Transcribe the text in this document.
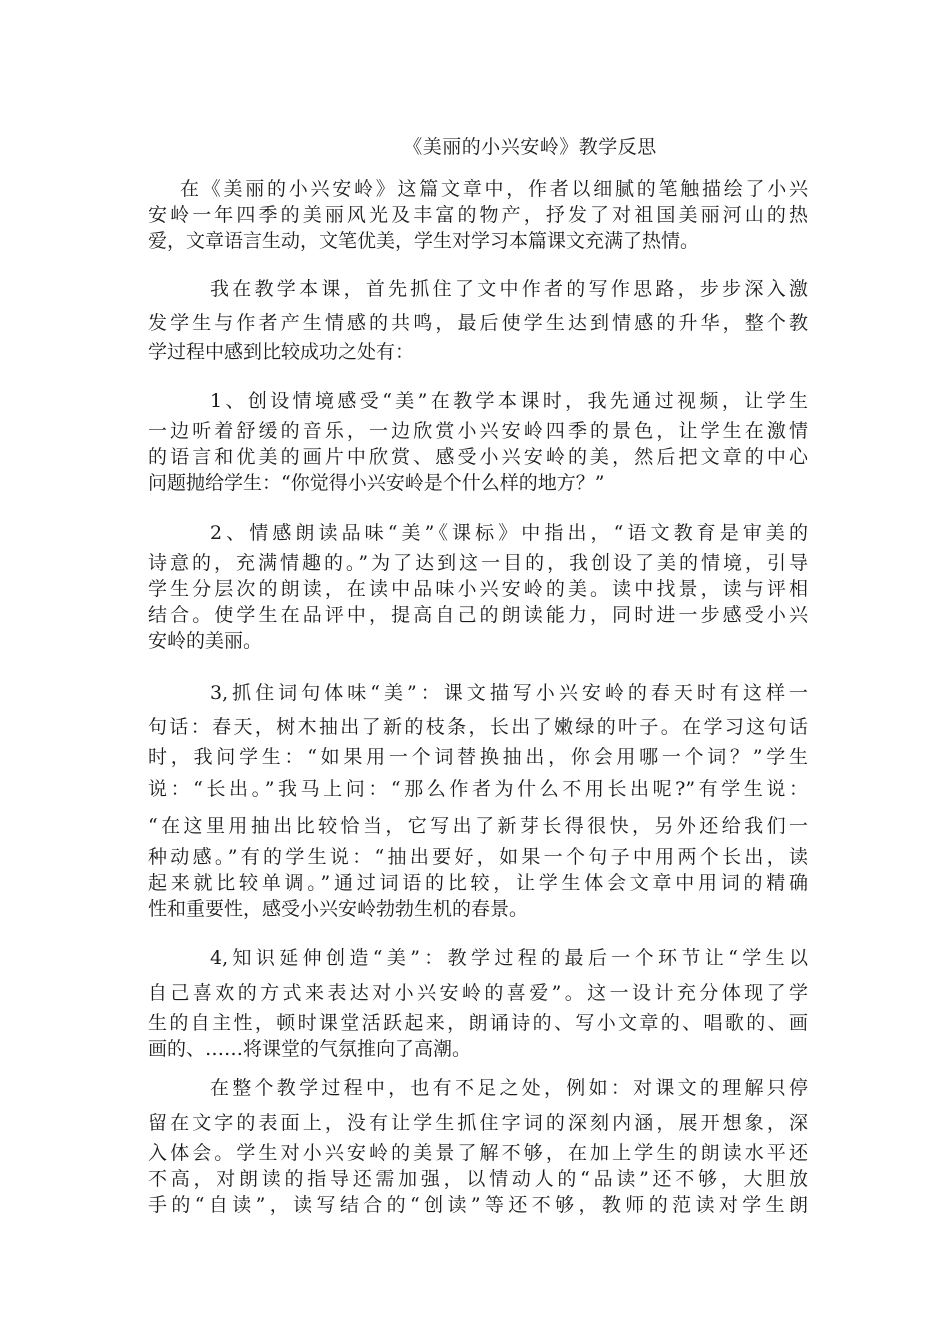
《美丽的小兴安岭》教学反思
在《美丽的小兴安岭》这篇文章中，作者以细腻的笔触描绘了小兴
安岭一年四季的美丽风光及丰富的物产，抒发了对祖国美丽河山的热
爱，文章语言生动，文笔优美，学生对学习本篇课文充满了热情。
我在教学本课，首先抓住了文中作者的写作思路，步步深入激
发学生与作者产生情感的共鸣，最后使学生达到情感的升华，整个教
学过程中感到比较成功之处有：
1、创设情境感受“美”在教学本课时，我先通过视频，让学生
一边听着舒缓的音乐，一边欣赏小兴安岭四季的景色，让学生在激情
的语言和优美的画片中欣赏、感受小兴安岭的美，然后把文章的中心
问题抛给学生：“你觉得小兴安岭是个什么样的地方？”
2、情感朗读品味“美”《课标》中指出，“语文教育是审美的
诗意的，充满情趣的。”为了达到这一目的，我创设了美的情境，引导
学生分层次的朗读，在读中品味小兴安岭的美。读中找景，读与评相
结合。使学生在品评中，提高自己的朗读能力，同时进一步感受小兴
安岭的美丽。
3,抓住词句体味“美”：课文描写小兴安岭的春天时有这样一
句话：春天，树木抽出了新的枝条，长出了嫩绿的叶子。在学习这句话
时，我问学生：“如果用一个词替换抽出，你会用哪一个词？”学生
说：“长出。”我马上问：“那么作者为什么不用长出呢?”有学生说：
“在这里用抽出比较恰当，它写出了新芽长得很快，另外还给我们一
种动感。”有的学生说：“抽出要好，如果一个句子中用两个长出，读
起来就比较单调。”通过词语的比较，让学生体会文章中用词的精确
性和重要性，感受小兴安岭勃勃生机的春景。
4,知识延伸创造“美”：教学过程的最后一个环节让“学生以
自己喜欢的方式来表达对小兴安岭的喜爱”。这一设计充分体现了学
生的自主性，顿时课堂活跃起来，朗诵诗的、写小文章的、唱歌的、画
画的、……将课堂的气氛推向了高潮。
在整个教学过程中，也有不足之处，例如：对课文的理解只停
留在文字的表面上，没有让学生抓住字词的深刻内涵，展开想象，深
入体会。学生对小兴安岭的美景了解不够，在加上学生的朗读水平还
不高，对朗读的指导还需加强，以情动人的“品读”还不够，大胆放
手的“自读”，读写结合的“创读”等还不够，教师的范读对学生朗
